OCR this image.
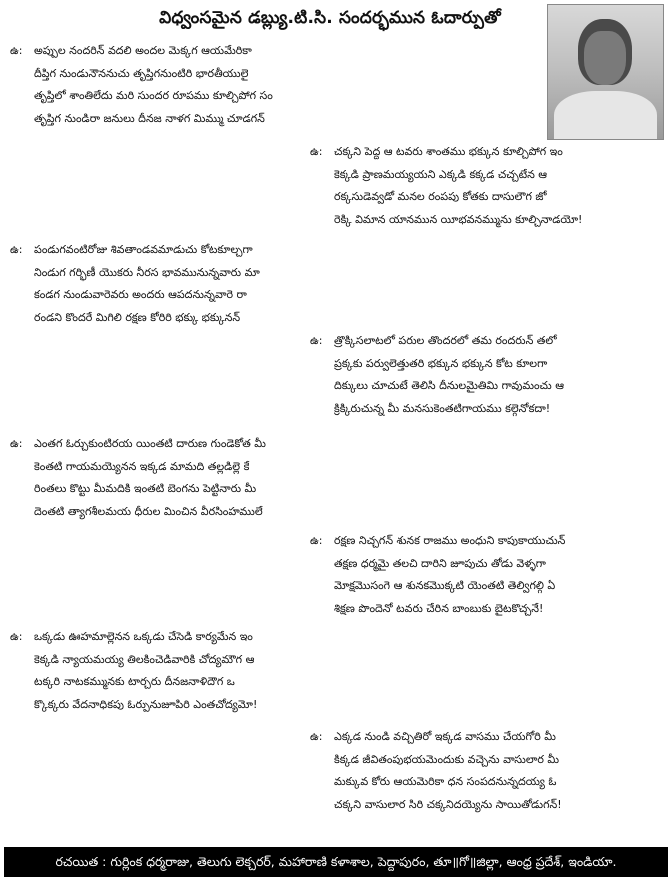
విధ్వంసమైన డబ్ల్యు.టి.సి. సందర్భమున ఓదార్పుతో
ఉ: అప్పుల నందరిన్ వదలి అందల మెక్కగ ఆయమేరికా
దీప్తిగ నుండునౌననుచు తృప్తిగనుంటిరి భారతీయులై
తృప్తిలో శాంతిలేదు మరి సుందర రూపము కూల్చిపోగ సం
తృప్తిగ నుండిరా జనులు దీనజ నాళగ మిమ్ము చూడగన్
ఉ: చక్కని పెద్ద ఆ టవరు శాంతము భక్కున కూల్చిపోగ ఇం
కెక్కడి ప్రాణమయ్యయని ఎక్కడి కక్కడ చచ్చటేన ఆ
రక్కసుడెవ్వడో మనల రంపపు కోతకు దాసులౌగ జో
రెక్కి విమాన యానమున యీభవనమ్మును కూల్చినాడయో!
ఉ: పండుగవంటిరోజు శివతాండవమాడుచు కోటకూల్చగా
నిండుగ గర్భిణీ యొకరు నీరస భావమునున్నవారు మా
కండగ నుండువారెవరు అందరు ఆపదనున్నవారె రా
రండని కొందరే మిగిలి రక్షణ కోరిరి భక్కు భక్కునన్
ఉ: త్రొక్కిసలాటలో పరుల తొందరలో తమ రందరున్ తలో
ప్రక్కకు పర్వులెత్తుతరి భక్కున భక్కున కోట కూలగా
దిక్కులు చూచుటే తెలిసి దీనులమైతిమి గావుమంచు ఆ
క్రిక్కిరుచున్న మీ మనసుకెంతటిగాయము కల్గెనోకదా!
ఉ: ఎంతగ ఓర్చుకుంటిరయ యింతటి దారుణ గుండెకోత మీ
కెంతటి గాయమయ్యెనన ఇక్కడ మామది తల్లడిల్లె కే
రింతలు కొట్టు మీమదికి ఇంతటి బెంగను పెట్టినారు మీ
దెంతటి త్యాగశీలమయ ధీరుల మించిన వీరసింహములే
ఉ: రక్షణ నిచ్చగన్ శునక రాజము అంధుని కాపుకాయుచున్
తక్షణ ధర్మమై తలచి దారిని జూపుచు తోడు వెళ్ళగా
మోక్షమొసంగె ఆ శునకమొక్కటి యెంతటి తెల్విగల్గి ఏ
శిక్షణ పొందెనో టవరు చేరిన బాంబుకు బైటకొచ్చనే!
ఉ: ఒక్కడు ఊహమాల్లెనన ఒక్కడు చేసెడి కార్యమేన ఇం
కెక్కడి న్యాయమయ్య తిలకించెడివారికి చోద్యమౌగ ఆ
టక్కరి నాటకమ్మునకు టార్చరు దీనజనాళిదౌగ ఒ
క్కొక్కరు వేదనాధికపు ఓర్పునుజూపిరి ఎంతచోద్యమో!
ఉ: ఎక్కడ నుండి వచ్చితిరో ఇక్కడ వాసము చేయగోరి మీ
కిక్కడ జీవితంపుభయమెందుకు వచ్చెను వాసులార మీ
మక్కువ కోరు ఆయమెరికా ధన సంపదనున్నదయ్య ఓ
చక్కని వాసులార సిరి చక్కనిదయ్యెను సాయితోడుగన్!
రచయిత : గుర్లింక ధర్మరాజు, తెలుగు లెక్చరర్, మహారాణి కళాశాల, పెద్దాపురం, తూ॥గో॥జిల్లా, ఆంధ్ర ప్రదేశ్, ఇండియా.
